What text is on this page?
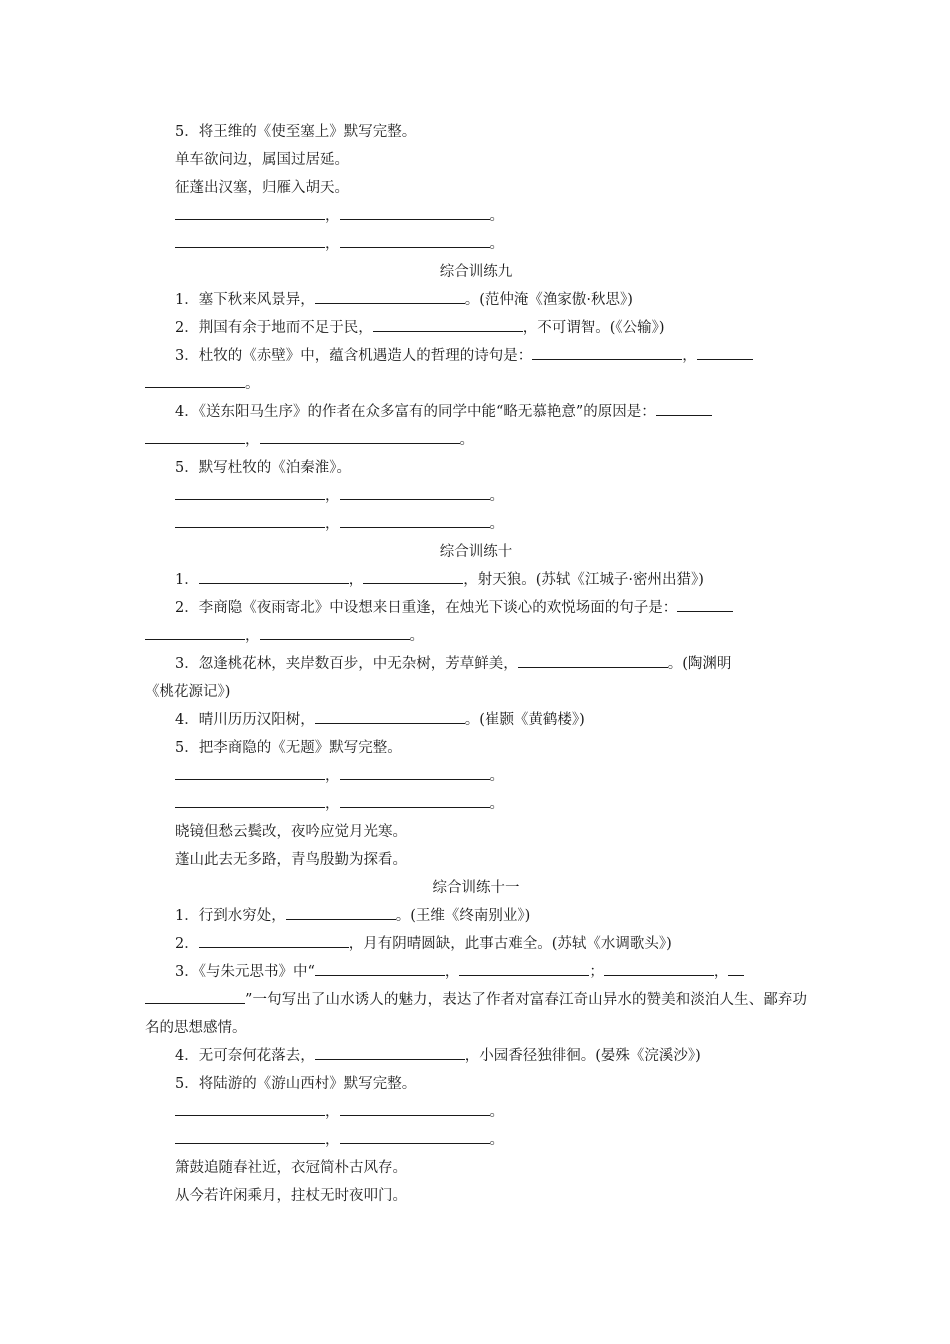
5．将王维的《使至塞上》默写完整。
单车欲问边，属国过居延。
征蓬出汉塞，归雁入胡天。
，	。
，	。
综合训练九
1．塞下秋来风景异，	。(范仲淹《渔家傲·秋思》)
2．荆国有余于地而不足于民，	，不可谓智。(《公输》)
3．杜牧的《赤壁》中，蕴含机遇造人的哲理的诗句是：	，
。
4．《送东阳马生序》的作者在众多富有的同学中能“略无慕艳意”的原因是：
，	。
5．默写杜牧的《泊秦淮》。
，	。
，	。
综合训练十
1．	，	，射天狼。(苏轼《江城子·密州出猎》)
2．李商隐《夜雨寄北》中设想来日重逢，在烛光下谈心的欢悦场面的句子是：
，	。
3．忽逢桃花林，夹岸数百步，中无杂树，芳草鲜美，	。(陶渊明
《桃花源记》)
4．晴川历历汉阳树，	。(崔颢《黄鹤楼》)
5．把李商隐的《无题》默写完整。
，	。
，	。
晓镜但愁云鬓改，夜吟应觉月光寒。
蓬山此去无多路，青鸟殷勤为探看。
综合训练十一
1．行到水穷处，	。(王维《终南别业》)
2．	，月有阴晴圆缺，此事古难全。(苏轼《水调歌头》)
3．《与朱元思书》中“	，	；	，
”一句写出了山水诱人的魅力，表达了作者对富春江奇山异水的赞美和淡泊人生、鄙弃功名的思想感情。
4．无可奈何花落去，	，小园香径独徘徊。(晏殊《浣溪沙》)
5．将陆游的《游山西村》默写完整。
，	。
，	。
箫鼓追随春社近，衣冠简朴古风存。
从今若许闲乘月，拄杖无时夜叩门。
